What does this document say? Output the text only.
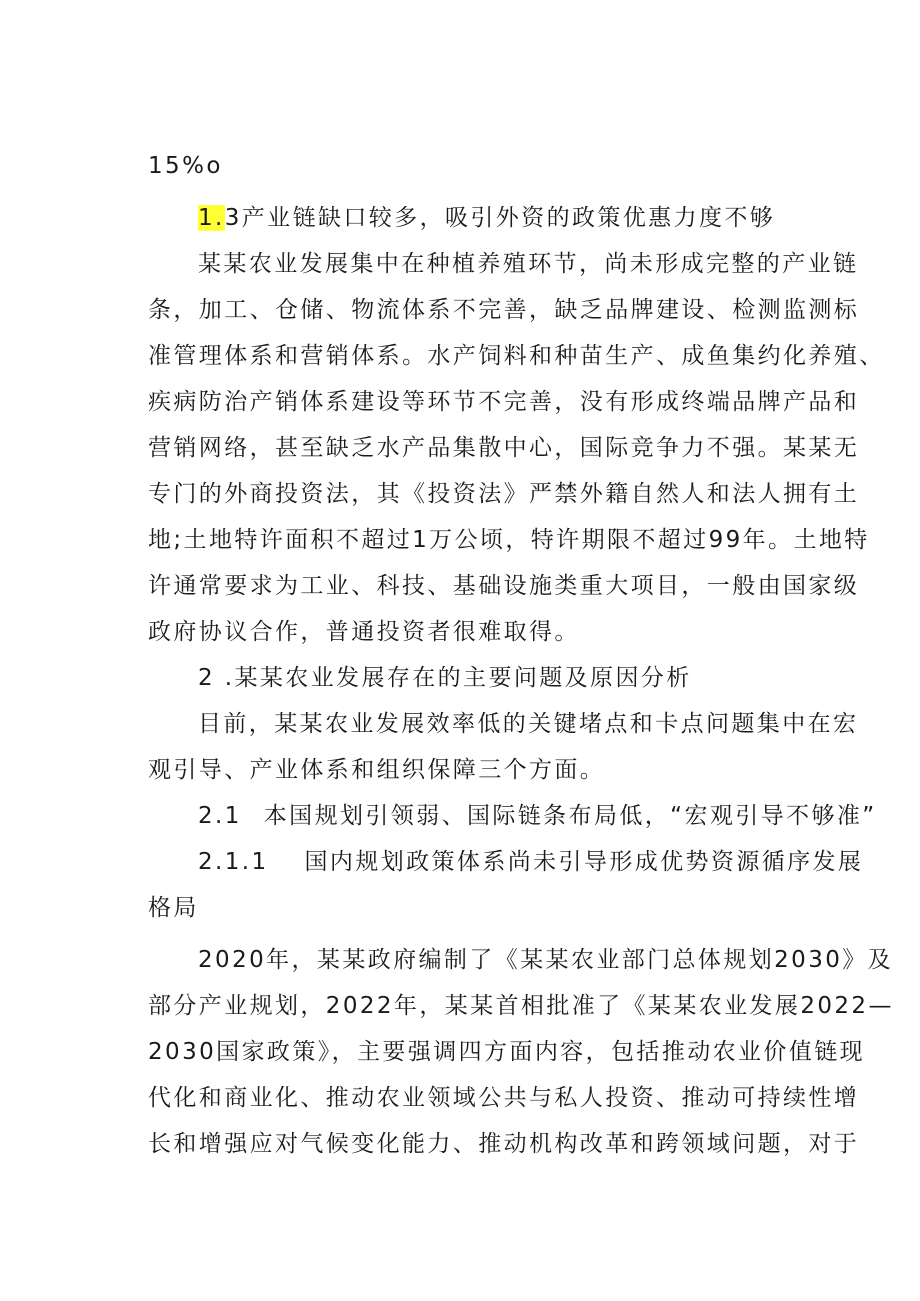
15%o
1.3产业链缺口较多，吸引外资的政策优惠力度不够
某某农业发展集中在种植养殖环节，尚未形成完整的产业链
条，加工、仓储、物流体系不完善，缺乏品牌建设、检测监测标
准管理体系和营销体系。水产饲料和种苗生产、成鱼集约化养殖、
疾病防治产销体系建设等环节不完善，没有形成终端品牌产品和
营销网络，甚至缺乏水产品集散中心，国际竞争力不强。某某无
专门的外商投资法，其《投资法》严禁外籍自然人和法人拥有土
地;土地特许面积不超过1万公顷，特许期限不超过99年。土地特
许通常要求为工业、科技、基础设施类重大项目，一般由国家级
政府协议合作，普通投资者很难取得。
2 .某某农业发展存在的主要问题及原因分析
目前，某某农业发展效率低的关键堵点和卡点问题集中在宏
观引导、产业体系和组织保障三个方面。
2.1 本国规划引领弱、国际链条布局低，“宏观引导不够准”
2.1.1 国内规划政策体系尚未引导形成优势资源循序发展
格局
2020年，某某政府编制了《某某农业部门总体规划2030》及
部分产业规划，2022年，某某首相批准了《某某农业发展2022—
2030国家政策》，主要强调四方面内容，包括推动农业价值链现
代化和商业化、推动农业领域公共与私人投资、推动可持续性增
长和增强应对气候变化能力、推动机构改革和跨领域问题，对于
